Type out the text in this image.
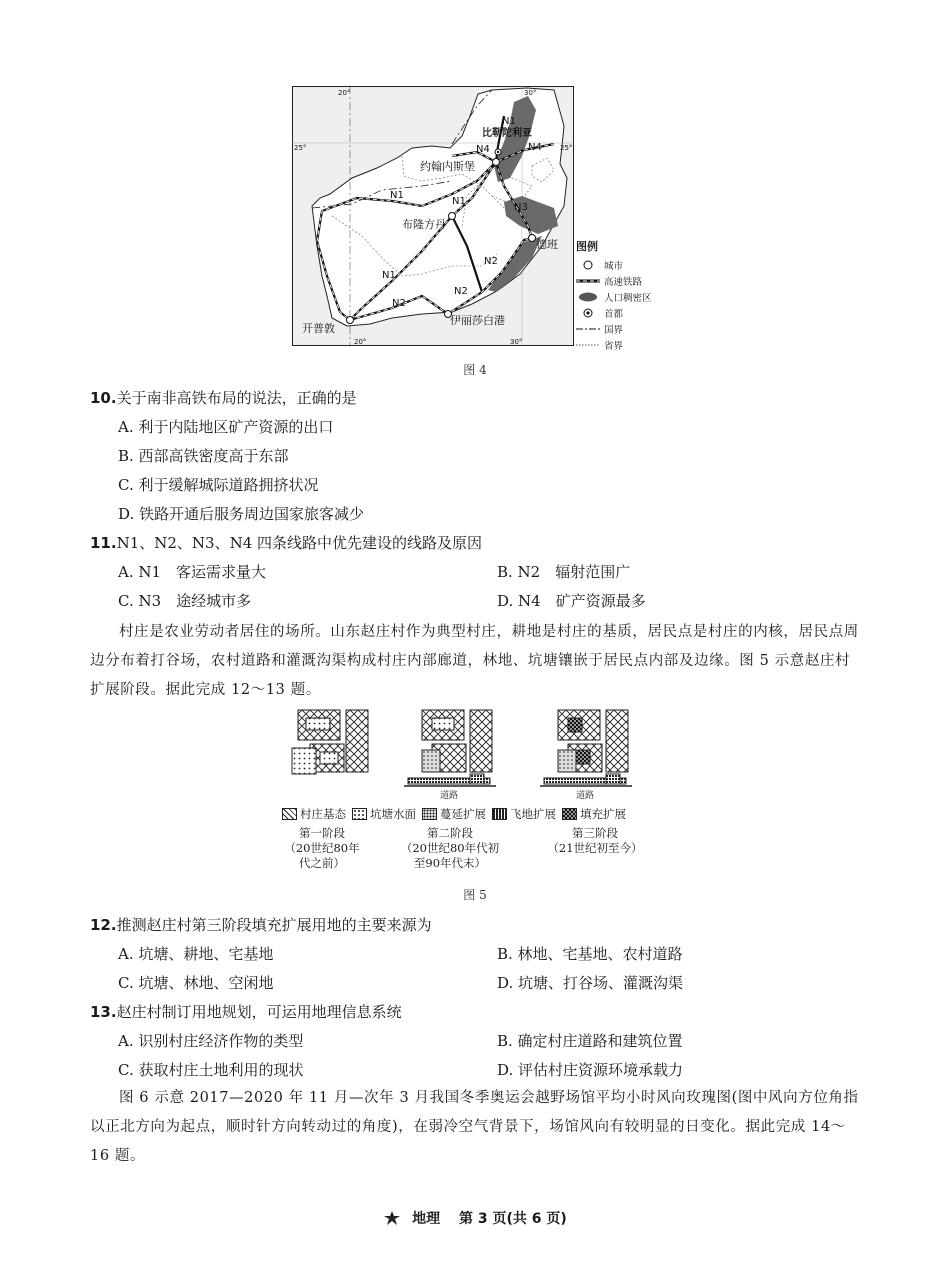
20°	30°
25°	25°
20°	30°
比勒陀利亚
约翰内斯堡
布隆方丹
德班
开普敦
伊丽莎白港
N1
N1
N1
N1
N2
N2
N2
N3
N4	N4
图例
城市
高速铁路
人口稠密区
首都
国界
省界
图 4
10.关于南非高铁布局的说法，正确的是
A. 利于内陆地区矿产资源的出口
B. 西部高铁密度高于东部
C. 利于缓解城际道路拥挤状况
D. 铁路开通后服务周边国家旅客减少
11.N1、N2、N3、N4 四条线路中优先建设的线路及原因
A. N1　客运需求量大	B. N2　辐射范围广
C. N3　途经城市多	D. N4　矿产资源最多
村庄是农业劳动者居住的场所。山东赵庄村作为典型村庄，耕地是村庄的基质，居民点是村庄的内核，居民点周边分布着打谷场，农村道路和灌溉沟渠构成村庄内部廊道，林地、坑塘镶嵌于居民点内部及边缘。图 5 示意赵庄村扩展阶段。据此完成 12～13 题。
道路	道路
村庄基态 坑塘水面 蔓延扩展 飞地扩展 填充扩展
第一阶段
（20世纪80年代之前）
第二阶段
（20世纪80年代初至90年代末）
第三阶段
（21世纪初至今）
图 5
12.推测赵庄村第三阶段填充扩展用地的主要来源为
A. 坑塘、耕地、宅基地	B. 林地、宅基地、农村道路
C. 坑塘、林地、空闲地	D. 坑塘、打谷场、灌溉沟渠
13.赵庄村制订用地规划，可运用地理信息系统
A. 识别村庄经济作物的类型	B. 确定村庄道路和建筑位置
C. 获取村庄土地利用的现状	D. 评估村庄资源环境承载力
图 6 示意 2017—2020 年 11 月—次年 3 月我国冬季奥运会越野场馆平均小时风向玫瑰图(图中风向方位角指以正北方向为起点，顺时针方向转动过的角度)，在弱冷空气背景下，场馆风向有较明显的日变化。据此完成 14～16 题。
地理 第 3 页(共 6 页)
